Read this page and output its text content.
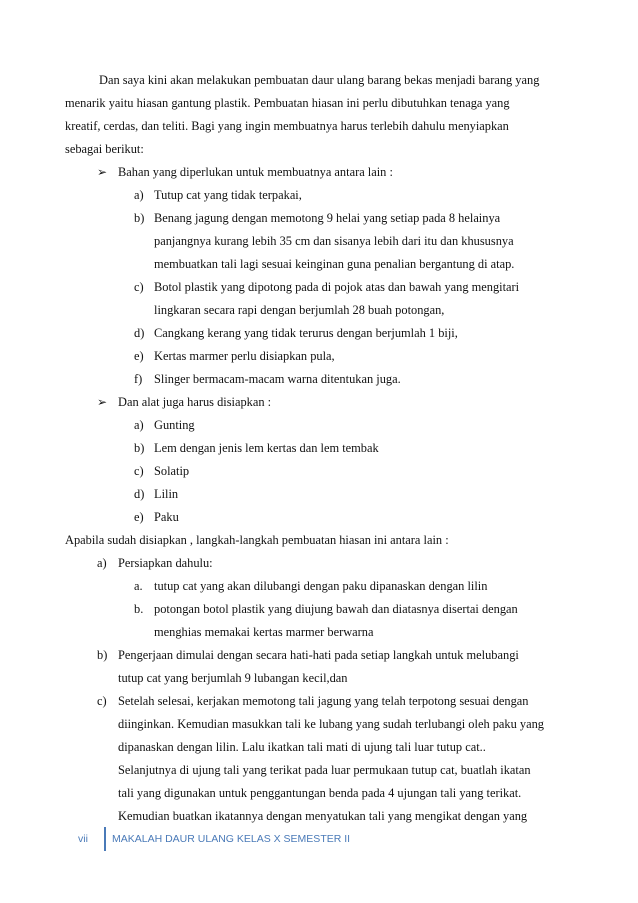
Dan saya kini akan melakukan pembuatan daur ulang barang bekas menjadi barang yang
menarik yaitu hiasan gantung plastik. Pembuatan hiasan ini perlu dibutuhkan tenaga yang
kreatif, cerdas, dan teliti. Bagi yang ingin membuatnya harus terlebih dahulu menyiapkan
sebagai berikut:
➢ Bahan yang diperlukan untuk membuatnya antara lain :
a) Tutup cat yang tidak terpakai,
b) Benang jagung dengan memotong 9 helai yang setiap pada 8 helainya
panjangnya kurang lebih 35 cm dan sisanya lebih dari itu dan khususnya
membuatkan tali lagi sesuai keinginan guna penalian bergantung di atap.
c) Botol plastik yang dipotong pada di pojok atas dan bawah yang mengitari
lingkaran secara rapi dengan berjumlah 28 buah potongan,
d) Cangkang kerang yang tidak terurus dengan berjumlah 1 biji,
e) Kertas marmer perlu disiapkan pula,
f) Slinger bermacam-macam warna ditentukan juga.
➢ Dan alat juga harus disiapkan :
a) Gunting
b) Lem dengan jenis lem kertas dan lem tembak
c) Solatip
d) Lilin
e) Paku
Apabila sudah disiapkan , langkah-langkah pembuatan hiasan ini antara lain :
a) Persiapkan dahulu:
a. tutup cat yang akan dilubangi dengan paku dipanaskan dengan lilin
b. potongan botol plastik yang diujung bawah dan diatasnya disertai dengan
menghias memakai kertas marmer berwarna
b) Pengerjaan dimulai dengan secara hati-hati pada setiap langkah untuk melubangi
tutup cat yang berjumlah 9 lubangan kecil,dan
c) Setelah selesai, kerjakan memotong tali jagung yang telah terpotong sesuai dengan
diinginkan. Kemudian masukkan tali ke lubang yang sudah terlubangi oleh paku yang
dipanaskan dengan lilin. Lalu ikatkan tali mati di ujung tali luar tutup cat..
Selanjutnya di ujung tali yang terikat pada luar permukaan tutup cat, buatlah ikatan
tali yang digunakan untuk penggantungan benda pada 4 ujungan tali yang terikat.
Kemudian buatkan ikatannya dengan menyatukan tali yang mengikat dengan yang
vii	MAKALAH DAUR ULANG KELAS X SEMESTER II
